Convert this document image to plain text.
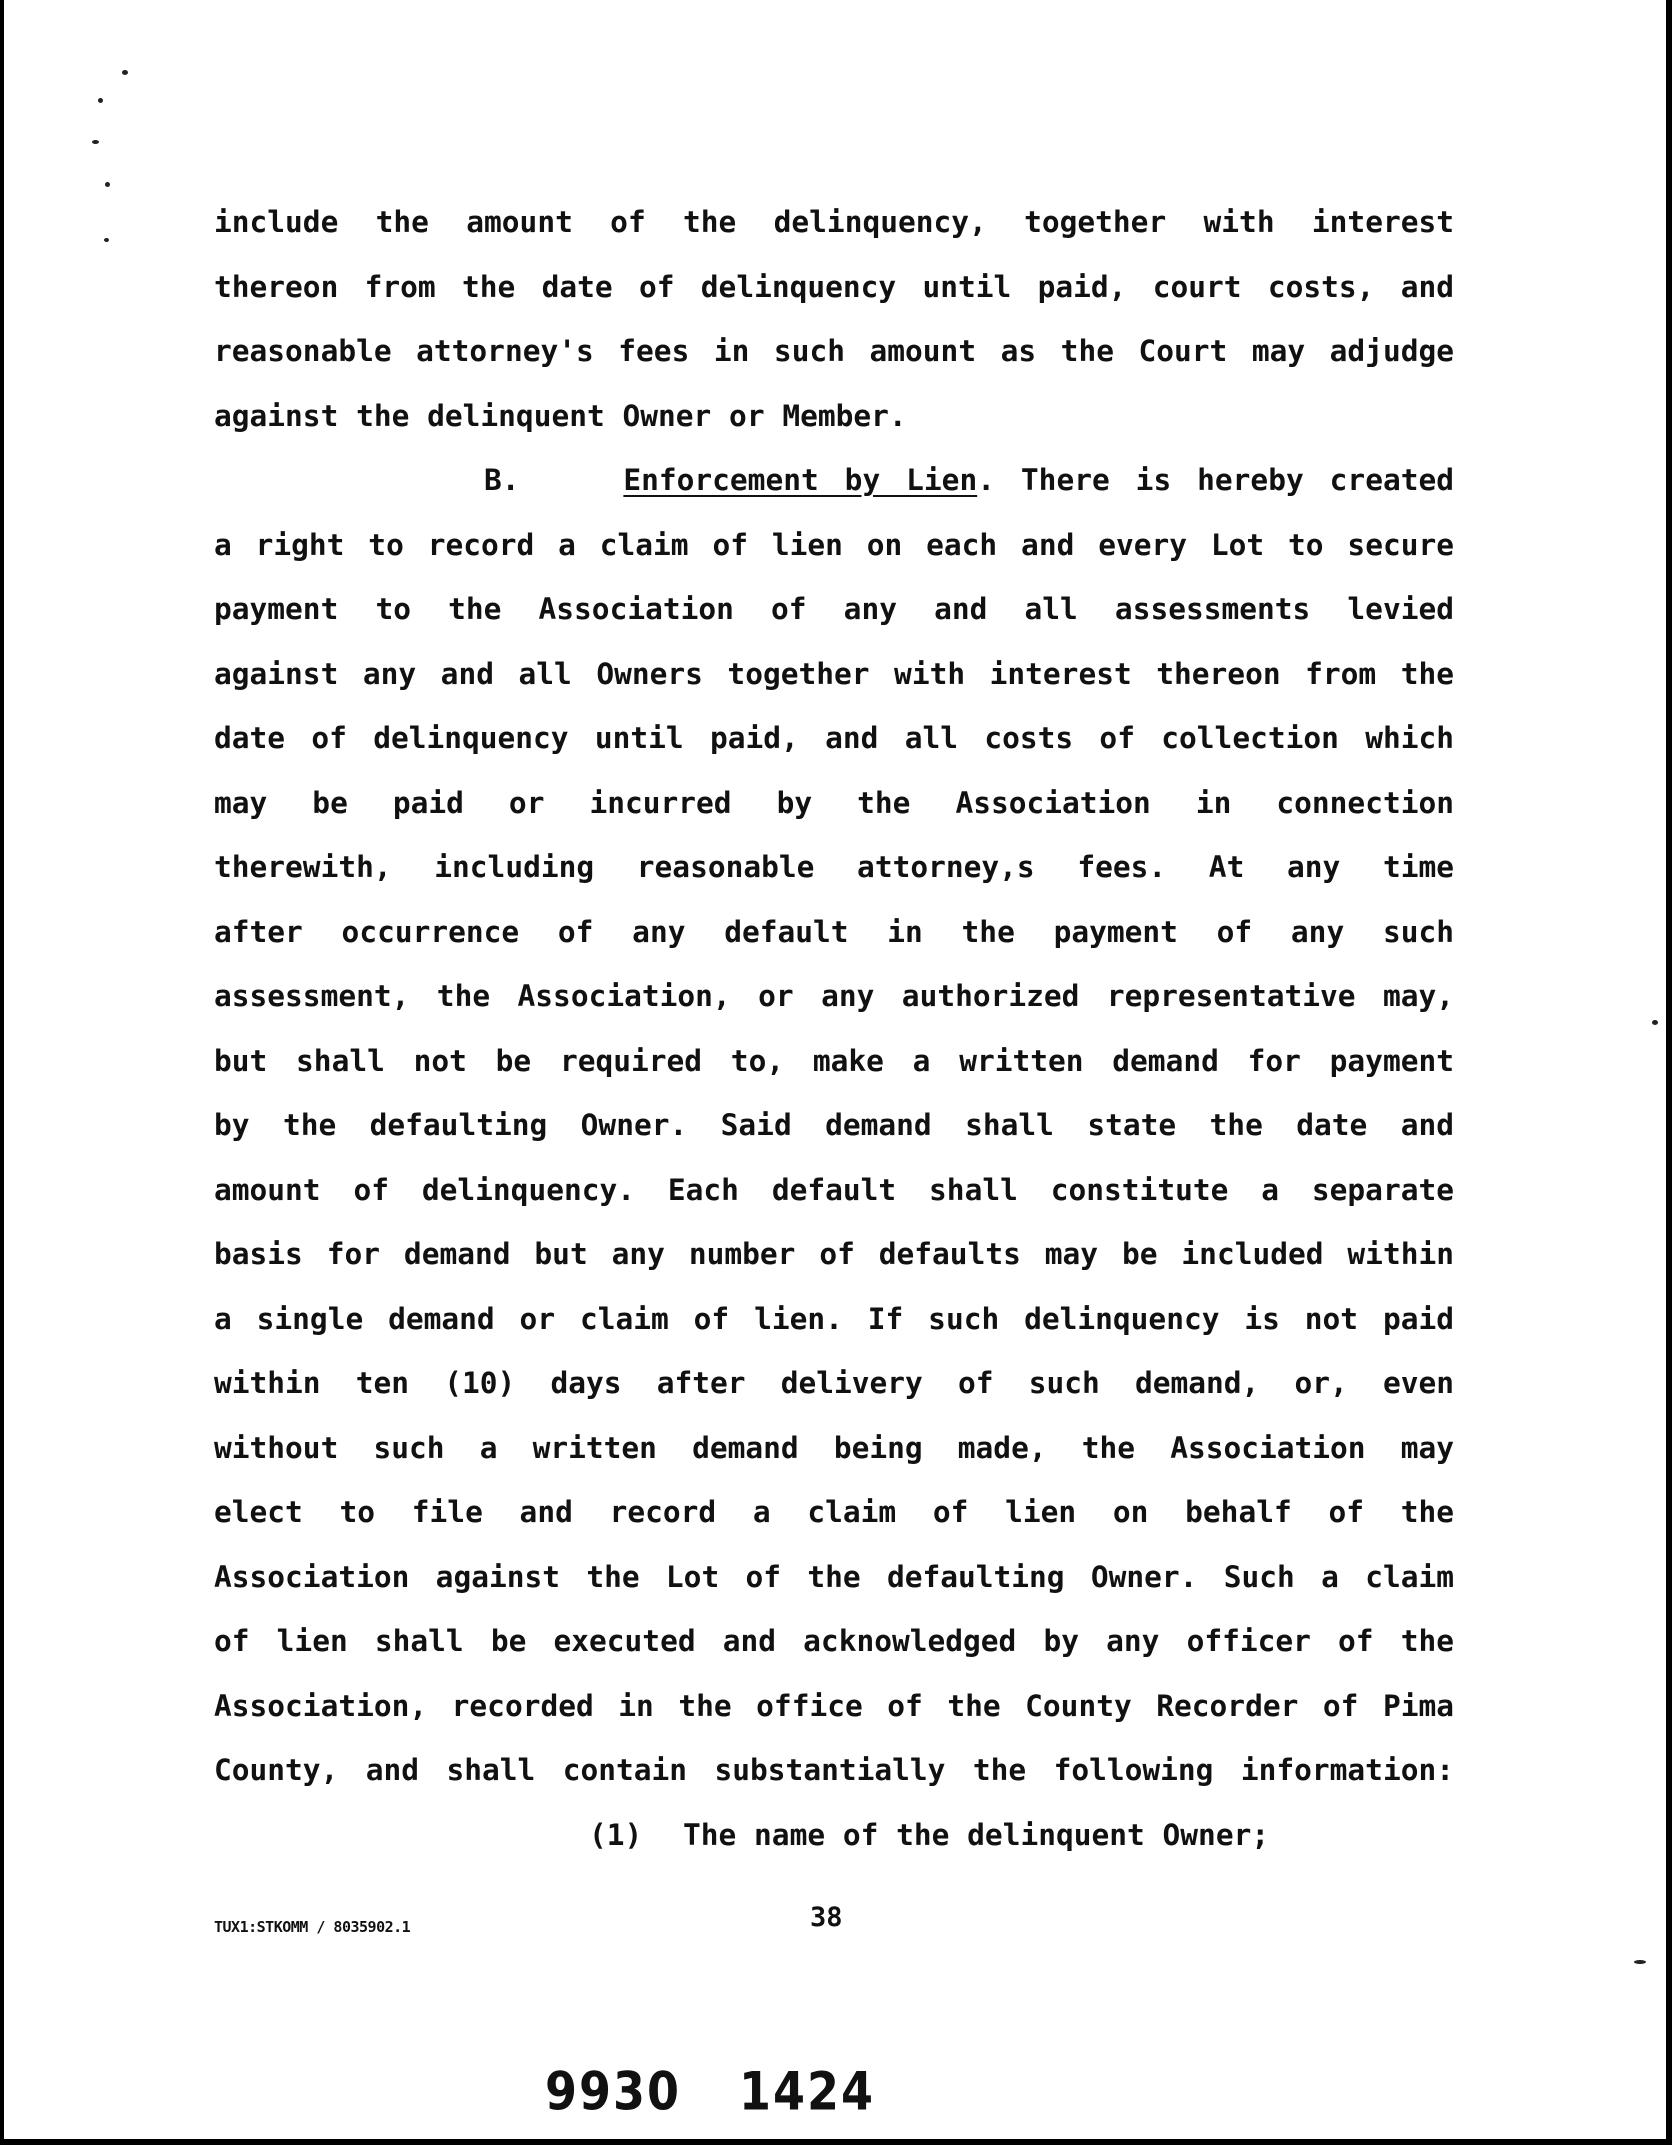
include the amount of the delinquency, together with interest
thereon from the date of delinquency until paid, court costs, and
reasonable attorney's fees in such amount as the Court may adjudge
against the delinquent Owner or Member.
B.	Enforcement by Lien. There is hereby created
a right to record a claim of lien on each and every Lot to secure
payment to the Association of any and all assessments levied
against any and all Owners together with interest thereon from the
date of delinquency until paid, and all costs of collection which
may be paid or incurred by the Association in connection
therewith, including reasonable attorney,s fees. At any time
after occurrence of any default in the payment of any such
assessment, the Association, or any authorized representative may,
but shall not be required to, make a written demand for payment
by the defaulting Owner. Said demand shall state the date and
amount of delinquency. Each default shall constitute a separate
basis for demand but any number of defaults may be included within
a single demand or claim of lien. If such delinquency is not paid
within ten (10) days after delivery of such demand, or, even
without such a written demand being made, the Association may
elect to file and record a claim of lien on behalf of the
Association against the Lot of the defaulting Owner. Such a claim
of lien shall be executed and acknowledged by any officer of the
Association, recorded in the office of the County Recorder of Pima
County, and shall contain substantially the following information:
(1) The name of the delinquent Owner;
TUX1:STKOMM / 8035902.1	38
9930 1424
